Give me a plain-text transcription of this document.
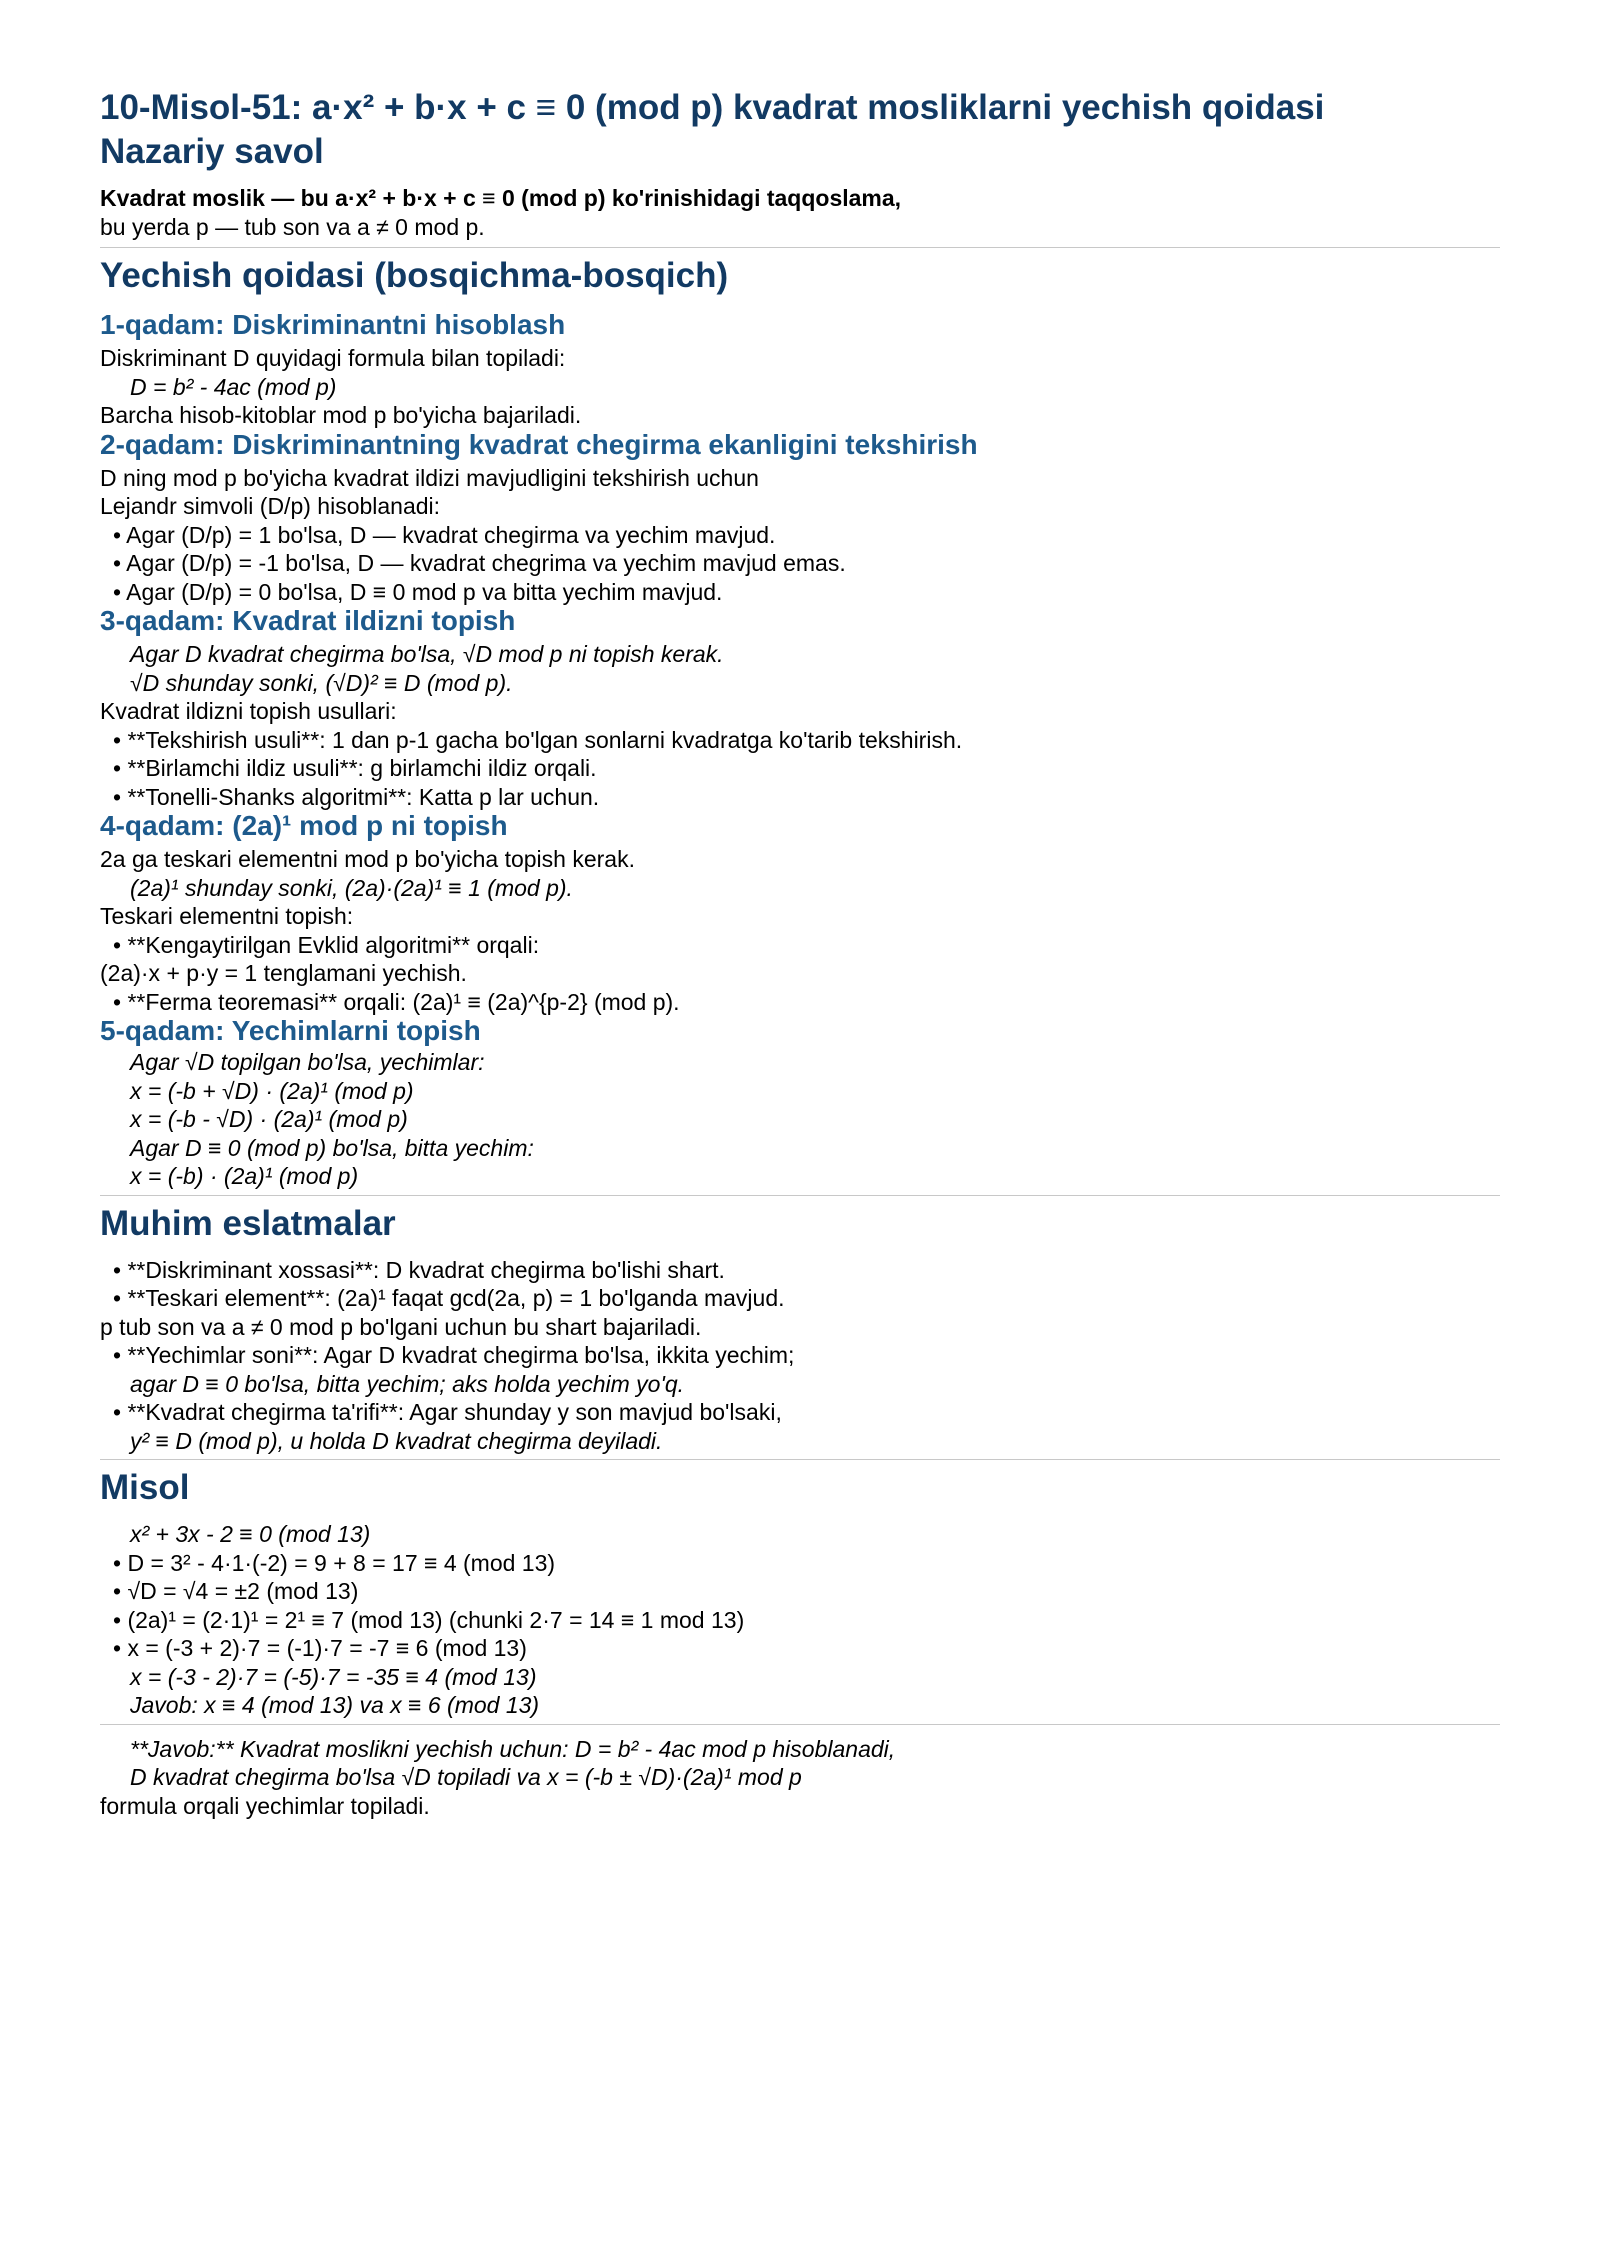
10-Misol-51: a·x² + b·x + c ≡ 0 (mod p) kvadrat mosliklarni yechish qoidasi
Nazariy savol

Kvadrat moslik — bu a·x² + b·x + c ≡ 0 (mod p) ko'rinishidagi taqqoslama,

bu yerda p — tub son va a ≠ 0 mod p.

Yechish qoidasi (bosqichma-bosqich)
1-qadam: Diskriminantni hisoblash

Diskriminant D quyidagi formula bilan topiladi:

D = b² - 4ac (mod p)

Barcha hisob-kitoblar mod p bo'yicha bajariladi.

2-qadam: Diskriminantning kvadrat chegirma ekanligini tekshirish

D ning mod p bo'yicha kvadrat ildizi mavjudligini tekshirish uchun

Lejandr simvoli (D/p) hisoblanadi:

• Agar (D/p) = 1 bo'lsa, D — kvadrat chegirma va yechim mavjud.

• Agar (D/p) = -1 bo'lsa, D — kvadrat chegrima va yechim mavjud emas.

• Agar (D/p) = 0 bo'lsa, D ≡ 0 mod p va bitta yechim mavjud.

3-qadam: Kvadrat ildizni topish

Agar D kvadrat chegirma bo'lsa, √D mod p ni topish kerak.

√D shunday sonki, (√D)² ≡ D (mod p).

Kvadrat ildizni topish usullari:

• **Tekshirish usuli**: 1 dan p-1 gacha bo'lgan sonlarni kvadratga ko'tarib tekshirish.

• **Birlamchi ildiz usuli**: g birlamchi ildiz orqali.

• **Tonelli-Shanks algoritmi**: Katta p lar uchun.

4-qadam: (2a)¹ mod p ni topish

2a ga teskari elementni mod p bo'yicha topish kerak.

(2a)¹ shunday sonki, (2a)·(2a)¹ ≡ 1 (mod p).

Teskari elementni topish:

• **Kengaytirilgan Evklid algoritmi** orqali:

(2a)·x + p·y = 1 tenglamani yechish.

• **Ferma teoremasi** orqali: (2a)¹ ≡ (2a)^{p-2} (mod p).

5-qadam: Yechimlarni topish

Agar √D topilgan bo'lsa, yechimlar:

x = (-b + √D) · (2a)¹ (mod p)

x = (-b - √D) · (2a)¹ (mod p)

Agar D ≡ 0 (mod p) bo'lsa, bitta yechim:

x = (-b) · (2a)¹ (mod p)

Muhim eslatmalar

• **Diskriminant xossasi**: D kvadrat chegirma bo'lishi shart.

• **Teskari element**: (2a)¹ faqat gcd(2a, p) = 1 bo'lganda mavjud.

p tub son va a ≠ 0 mod p bo'lgani uchun bu shart bajariladi.

• **Yechimlar soni**: Agar D kvadrat chegirma bo'lsa, ikkita yechim;

agar D ≡ 0 bo'lsa, bitta yechim; aks holda yechim yo'q.

• **Kvadrat chegirma ta'rifi**: Agar shunday y son mavjud bo'lsaki,

y² ≡ D (mod p), u holda D kvadrat chegirma deyiladi.

Misol

x² + 3x - 2 ≡ 0 (mod 13)

• D = 3² - 4·1·(-2) = 9 + 8 = 17 ≡ 4 (mod 13)

• √D = √4 = ±2 (mod 13)

• (2a)¹ = (2·1)¹ = 2¹ ≡ 7 (mod 13) (chunki 2·7 = 14 ≡ 1 mod 13)

• x = (-3 + 2)·7 = (-1)·7 = -7 ≡ 6 (mod 13)

x = (-3 - 2)·7 = (-5)·7 = -35 ≡ 4 (mod 13)

Javob: x ≡ 4 (mod 13) va x ≡ 6 (mod 13)

**Javob:** Kvadrat moslikni yechish uchun: D = b² - 4ac mod p hisoblanadi,

D kvadrat chegirma bo'lsa √D topiladi va x = (-b ± √D)·(2a)¹ mod p

formula orqali yechimlar topiladi.
